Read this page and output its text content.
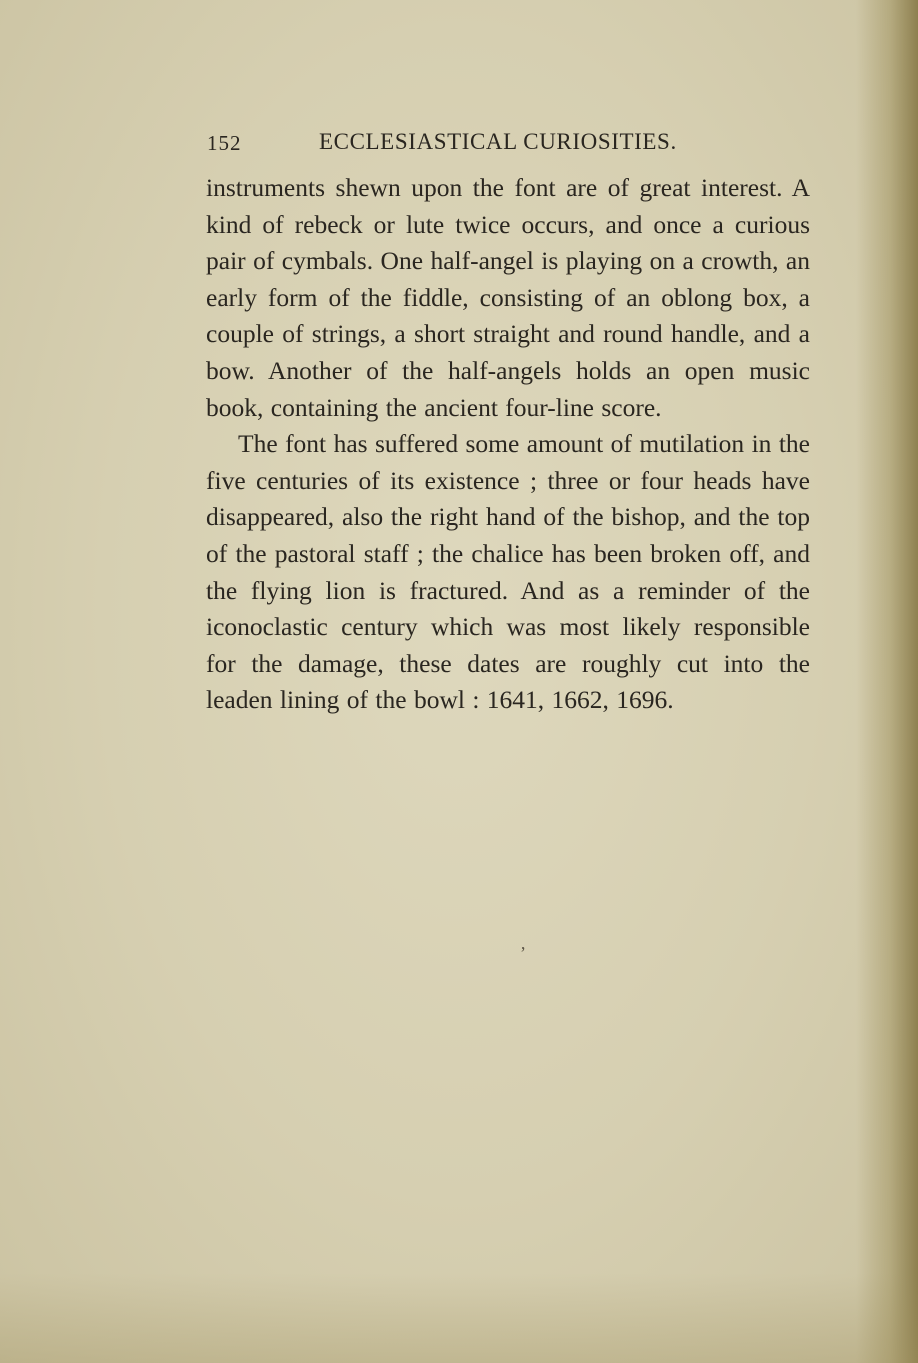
152	ECCLESIASTICAL CURIOSITIES.

instruments shewn upon the font are of great interest. A kind of rebeck or lute twice occurs, and once a curious pair of cymbals. One half-angel is playing on a crowth, an early form of the fiddle, consisting of an oblong box, a couple of strings, a short straight and round handle, and a bow. Another of the half-angels holds an open music book, containing the ancient four-line score.

The font has suffered some amount of mutilation in the five centuries of its existence ; three or four heads have disappeared, also the right hand of the bishop, and the top of the pastoral staff ; the chalice has been broken off, and the flying lion is fractured. And as a reminder of the iconoclastic century which was most likely responsible for the damage, these dates are roughly cut into the leaden lining of the bowl : 1641, 1662, 1696.

ʼ
